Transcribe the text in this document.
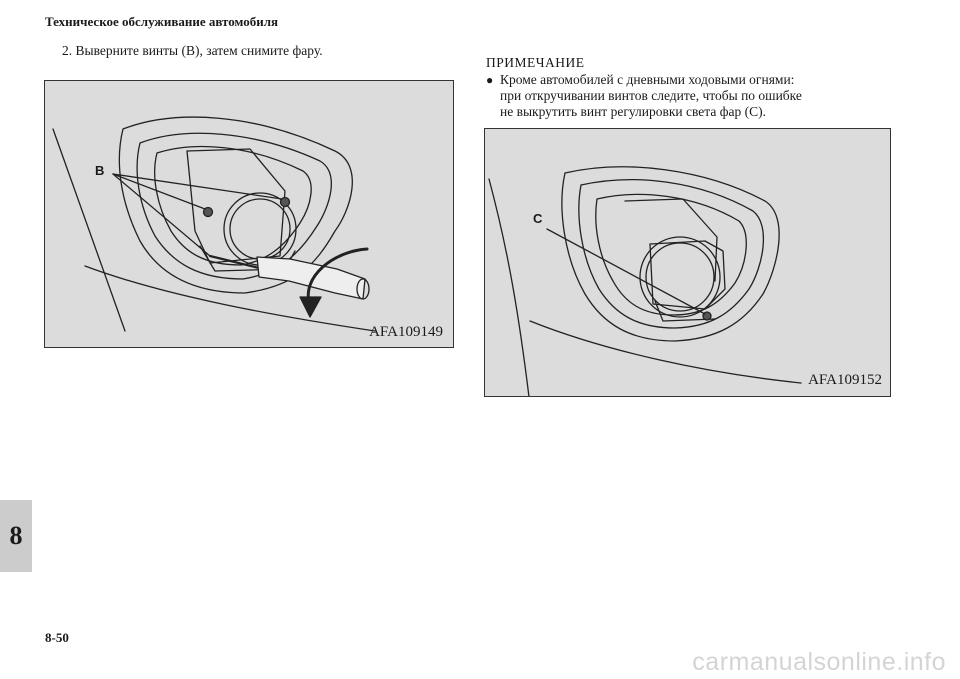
Техническое обслуживание автомобиля
2. Выверните винты (B), затем снимите фару.
ПРИМЕЧАНИЕ
● Кроме автомобилей с дневными ходовыми огнями:
при откручивании винтов следите, чтобы по ошибке
не выкрутить винт регулировки света фар (С).
B
AFA109149
C
AFA109152
8
8-50
carmanualsonline.info
